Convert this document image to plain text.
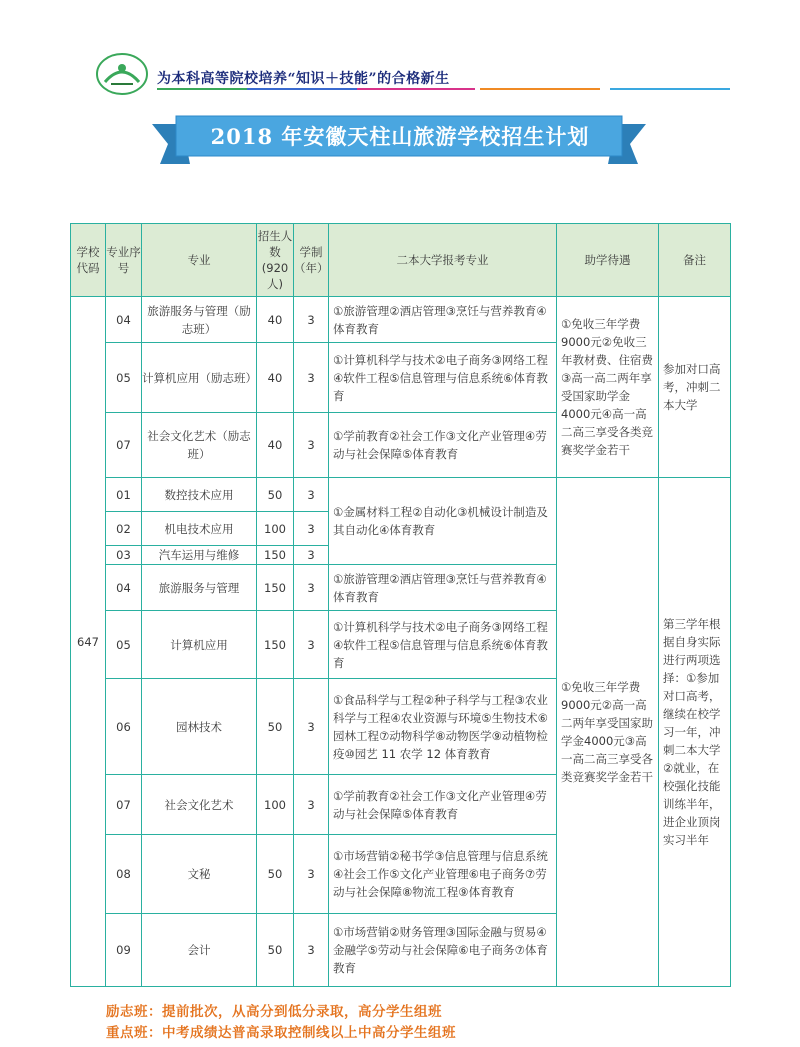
为本科高等院校培养“知识＋技能”的合格新生
2018 年安徽天柱山旅游学校招生计划
学校代码	专业序号	专业	招生人数(920人)	学制（年）	二本大学报考专业	助学待遇	备注
647	04	旅游服务与管理（励志班）	40	3	①旅游管理②酒店管理③烹饪与营养教育④体育教育	①免收三年学费9000元②免收三年教材费、住宿费③高一高二两年享受国家助学金4000元④高一高二高三享受各类竞赛奖学金若干	参加对口高考，冲刺二本大学
	05	计算机应用（励志班）	40	3	①计算机科学与技术②电子商务③网络工程④软件工程⑤信息管理与信息系统⑥体育教育		
	07	社会文化艺术（励志班）	40	3	①学前教育②社会工作③文化产业管理④劳动与社会保障⑤体育教育		
	01	数控技术应用	50	3	①金属材料工程②自动化③机械设计制造及其自动化④体育教育	①免收三年学费9000元②高一高二两年享受国家助学金4000元③高一高二高三享受各类竞赛奖学金若干	第三学年根据自身实际进行两项选择：①参加对口高考，继续在校学习一年，冲刺二本大学②就业，在校强化技能训练半年，进企业顶岗实习半年
	02	机电技术应用	100	3			
	03	汽车运用与维修	150	3			
	04	旅游服务与管理	150	3	①旅游管理②酒店管理③烹饪与营养教育④体育教育		
	05	计算机应用	150	3	①计算机科学与技术②电子商务③网络工程④软件工程⑤信息管理与信息系统⑥体育教育		
	06	园林技术	50	3	①食品科学与工程②种子科学与工程③农业科学与工程④农业资源与环境⑤生物技术⑥园林工程⑦动物科学⑧动物医学⑨动植物检疫⑩园艺 11 农学 12 体育教育		
	07	社会文化艺术	100	3	①学前教育②社会工作③文化产业管理④劳动与社会保障⑤体育教育		
	08	文秘	50	3	①市场营销②秘书学③信息管理与信息系统④社会工作⑤文化产业管理⑥电子商务⑦劳动与社会保障⑧物流工程⑨体育教育		
	09	会计	50	3	①市场营销②财务管理③国际金融与贸易④金融学⑤劳动与社会保障⑥电子商务⑦体育教育		
励志班：提前批次，从高分到低分录取，高分学生组班
重点班：中考成绩达普高录取控制线以上中高分学生组班
